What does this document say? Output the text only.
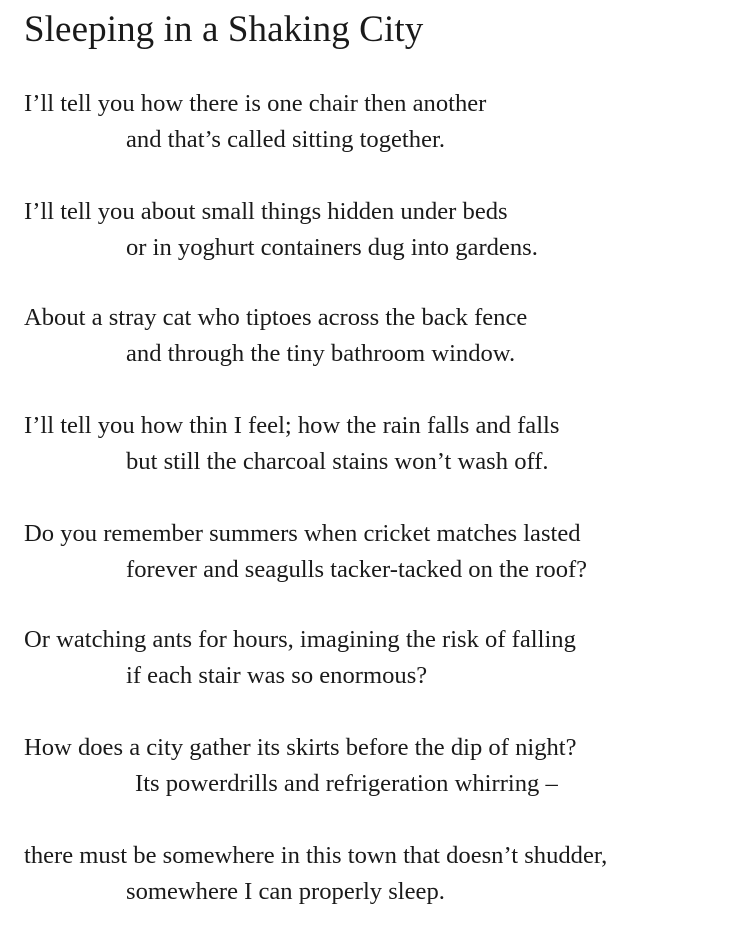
Sleeping in a Shaking City

I’ll tell you how there is one chair then another
and that’s called sitting together.

I’ll tell you about small things hidden under beds
or in yoghurt containers dug into gardens.

About a stray cat who tiptoes across the back fence
and through the tiny bathroom window.

I’ll tell you how thin I feel; how the rain falls and falls
but still the charcoal stains won’t wash off.

Do you remember summers when cricket matches lasted
forever and seagulls tacker-tacked on the roof?

Or watching ants for hours, imagining the risk of falling
if each stair was so enormous?

How does a city gather its skirts before the dip of night?
Its powerdrills and refrigeration whirring –

there must be somewhere in this town that doesn’t shudder,
somewhere I can properly sleep.
